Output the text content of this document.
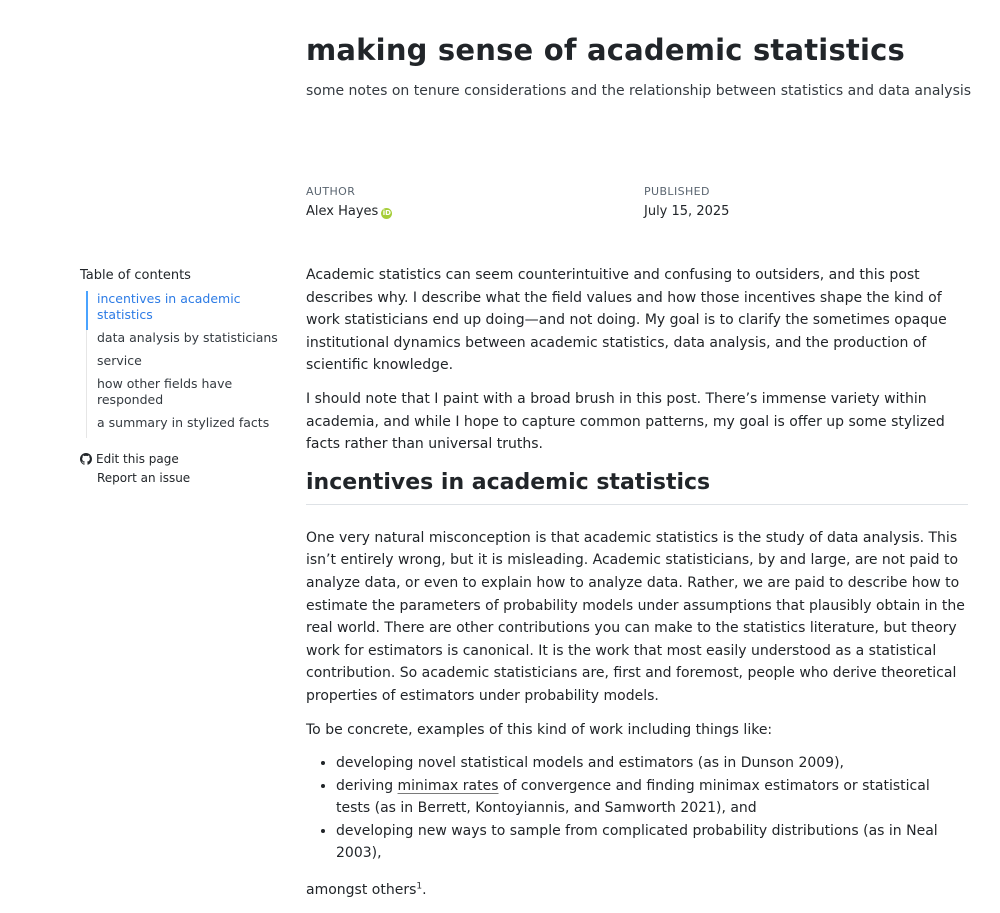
making sense of academic statistics

some notes on tenure considerations and the relationship between statistics and data analysis

AUTHOR
Alex Hayes iD
PUBLISHED
July 15, 2025
Table of contents
incentives in academic statistics
data analysis by statisticians
service
how other fields have responded
a summary in stylized facts
Edit this page
Report an issue

Academic statistics can seem counterintuitive and confusing to outsiders, and this post describes why. I describe what the field values and how those incentives shape the kind of work statisticians end up doing—and not doing. My goal is to clarify the sometimes opaque institutional dynamics between academic statistics, data analysis, and the production of scientific knowledge.

I should note that I paint with a broad brush in this post. There’s immense variety within academia, and while I hope to capture common patterns, my goal is offer up some stylized facts rather than universal truths.

incentives in academic statistics

One very natural misconception is that academic statistics is the study of data analysis. This isn’t entirely wrong, but it is misleading. Academic statisticians, by and large, are not paid to analyze data, or even to explain how to analyze data. Rather, we are paid to describe how to estimate the parameters of probability models under assumptions that plausibly obtain in the real world. There are other contributions you can make to the statistics literature, but theory work for estimators is canonical. It is the work that most easily understood as a statistical contribution. So academic statisticians are, first and foremost, people who derive theoretical properties of estimators under probability models.

To be concrete, examples of this kind of work including things like:

• developing novel statistical models and estimators (as in Dunson 2009),
• deriving minimax rates of convergence and finding minimax estimators or statistical tests (as in Berrett, Kontoyiannis, and Samworth 2021), and
• developing new ways to sample from complicated probability distributions (as in Neal 2003),

amongst others$^1$.
